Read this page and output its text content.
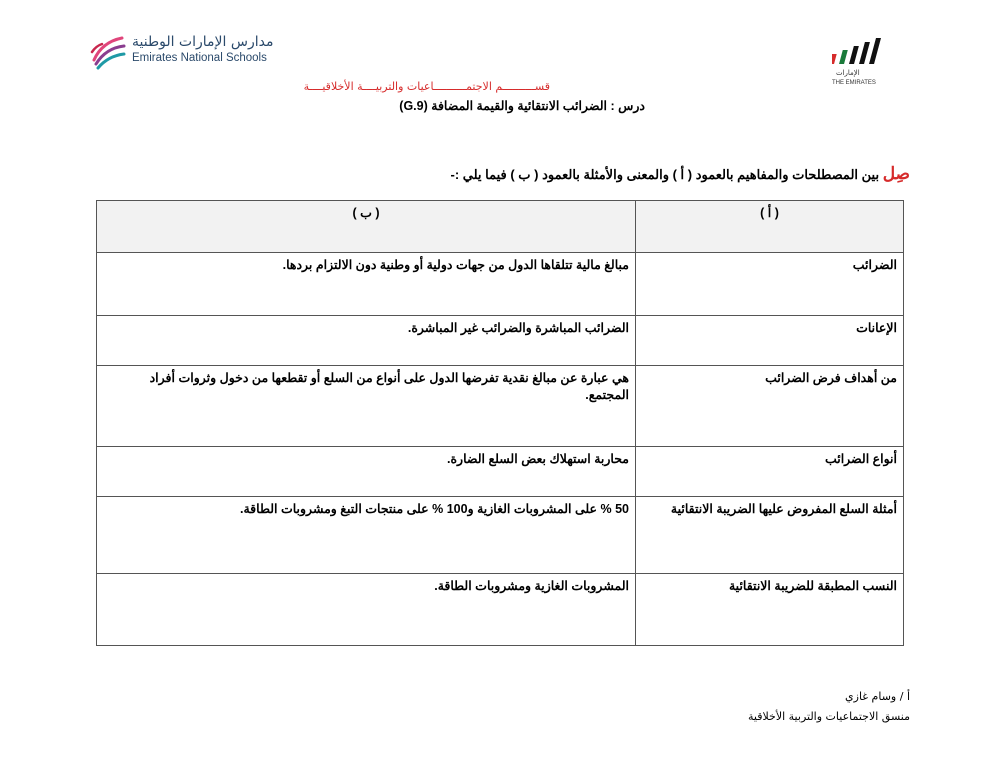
مدارس الإمارات الوطنية
Emirates National Schools
الإمارات
THE EMIRATES
قســــــــــم الاجتمــــــــــاعيات والتربيــــة الأخلاقيــــة
درس : الضرائب الانتقائية والقيمة المضافة (G.9)
صِل بين المصطلحات والمفاهيم بالعمود ( أ ) والمعنى والأمثلة بالعمود ( ب ) فيما يلي :-
( أ )	( ب )
الضرائب	مبالغ مالية تتلقاها الدول من جهات دولية أو وطنية دون الالتزام بردها.
الإعانات	الضرائب المباشرة والضرائب غير المباشرة.
من أهداف فرض الضرائب	هي عبارة عن مبالغ نقدية تفرضها الدول على أنواع من السلع أو تقطعها من دخول وثروات أفراد المجتمع.
أنواع الضرائب	محاربة استهلاك بعض السلع الضارة.
أمثلة السلع المفروض عليها الضريبة الانتقائية	50 % على المشروبات الغازية و100 % على منتجات التبغ ومشروبات الطاقة.
النسب المطبقة للضريبة الانتقائية	المشروبات الغازية ومشروبات الطاقة.
أ / وسام غازي
منسق الاجتماعيات والتربية الأخلاقية
